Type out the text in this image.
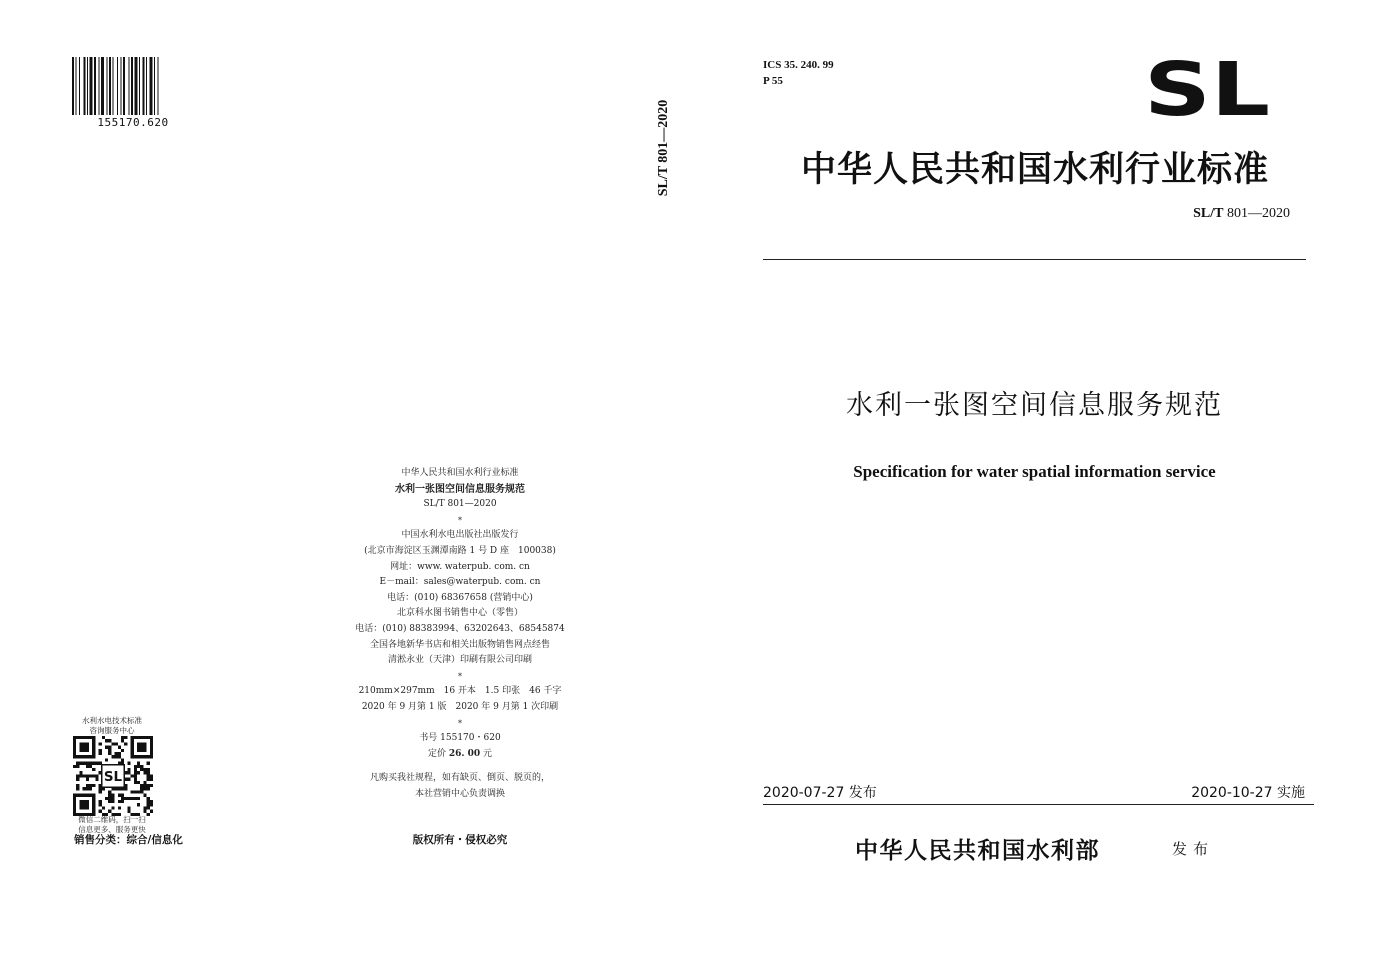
155170.620	SL/T 801—2020
中华人民共和国水利行业标准
水利一张图空间信息服务规范
SL/T 801—2020
*
中国水利水电出版社出版发行
(北京市海淀区玉渊潭南路 1 号 D 座　100038)
网址：www. waterpub. com. cn
E－mail：sales@waterpub. com. cn
电话：(010) 68367658 (营销中心)
北京科水图书销售中心（零售）
电话：(010) 88383994、63202643、68545874
全国各地新华书店和相关出版物销售网点经售
清淞永业（天津）印刷有限公司印刷
*
210mm×297mm　16 开本　1.5 印张　46 千字
2020 年 9 月第 1 版　2020 年 9 月第 1 次印刷
*
书号 155170・620
定价 26. 00 元
凡购买我社规程，如有缺页、倒页、脱页的，
本社营销中心负责调换
水利水电技术标准
咨询服务中心
SL
微信二维码，扫一扫
信息更多、服务更快
销售分类：综合/信息化	版权所有・侵权必究
ICS 35. 240. 99
P 55	SL
中华人民共和国水利行业标准
SL/T 801—2020
水利一张图空间信息服务规范
Specification for water spatial information service
2020-07-27 发布	2020-10-27 实施
中华人民共和国水利部	发布
